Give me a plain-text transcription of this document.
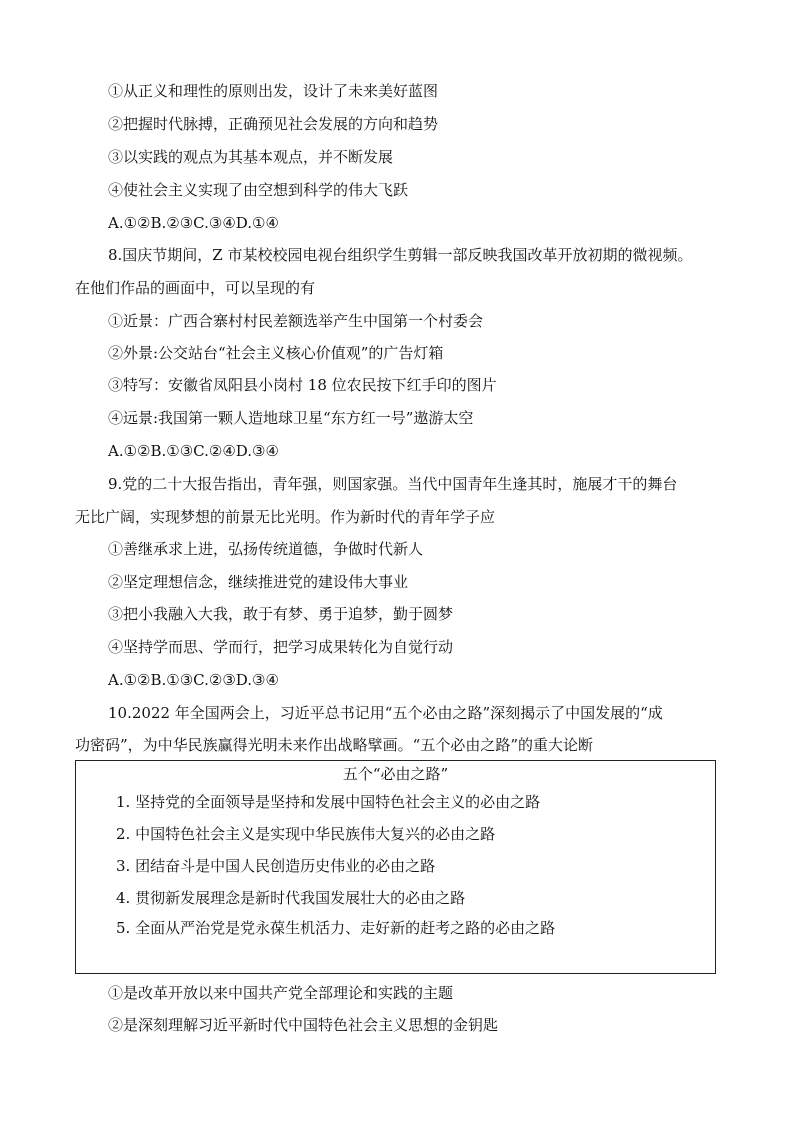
①从正义和理性的原则出发，设计了未来美好蓝图
②把握时代脉搏，正确预见社会发展的方向和趋势
③以实践的观点为其基本观点，并不断发展
④使社会主义实现了由空想到科学的伟大飞跃
A.①②B.②③C.③④D.①④
8.国庆节期间，Z 市某校校园电视台组织学生剪辑一部反映我国改革开放初期的微视频。
在他们作品的画面中，可以呈现的有
①近景：广西合寨村村民差额选举产生中国第一个村委会
②外景:公交站台“社会主义核心价值观”的广告灯箱
③特写：安徽省凤阳县小岗村 18 位农民按下红手印的图片
④远景:我国第一颗人造地球卫星“东方红一号”遨游太空
A.①②B.①③C.②④D.③④
9.党的二十大报告指出，青年强，则国家强。当代中国青年生逢其时，施展才干的舞台
无比广阔，实现梦想的前景无比光明。作为新时代的青年学子应
①善继承求上进，弘扬传统道德，争做时代新人
②坚定理想信念，继续推进党的建设伟大事业
③把小我融入大我，敢于有梦、勇于追梦，勤于圆梦
④坚持学而思、学而行，把学习成果转化为自觉行动
A.①②B.①③C.②③D.③④
10.2022 年全国两会上，习近平总书记用“五个必由之路”深刻揭示了中国发展的“成
功密码”，为中华民族赢得光明未来作出战略擘画。“五个必由之路”的重大论断
五个“必由之路”
1. 坚持党的全面领导是坚持和发展中国特色社会主义的必由之路
2. 中国特色社会主义是实现中华民族伟大复兴的必由之路
3. 团结奋斗是中国人民创造历史伟业的必由之路
4. 贯彻新发展理念是新时代我国发展壮大的必由之路
5. 全面从严治党是党永葆生机活力、走好新的赶考之路的必由之路
①是改革开放以来中国共产党全部理论和实践的主题
②是深刻理解习近平新时代中国特色社会主义思想的金钥匙
